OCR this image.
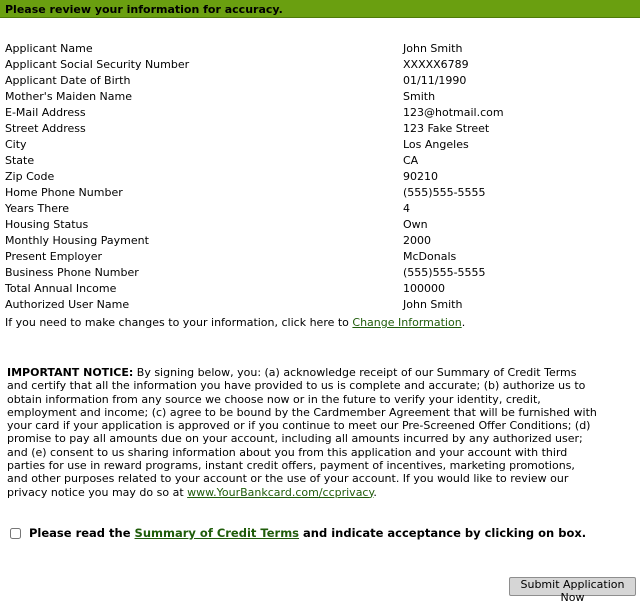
Please review your information for accuracy.
Applicant Name	John Smith
Applicant Social Security Number	XXXXX6789
Applicant Date of Birth	01/11/1990
Mother's Maiden Name	Smith
E-Mail Address	123@hotmail.com
Street Address	123 Fake Street
City	Los Angeles
State	CA
Zip Code	90210
Home Phone Number	(555)555-5555
Years There	4
Housing Status	Own
Monthly Housing Payment	2000
Present Employer	McDonals
Business Phone Number	(555)555-5555
Total Annual Income	100000
Authorized User Name	John Smith
If you need to make changes to your information, click here to Change Information.
IMPORTANT NOTICE: By signing below, you: (a) acknowledge receipt of our Summary of Credit Terms and certify that all the information you have provided to us is complete and accurate; (b) authorize us to obtain information from any source we choose now or in the future to verify your identity, credit, employment and income; (c) agree to be bound by the Cardmember Agreement that will be furnished with your card if your application is approved or if you continue to meet our Pre-Screened Offer Conditions; (d) promise to pay all amounts due on your account, including all amounts incurred by any authorized user; and (e) consent to us sharing information about you from this application and your account with third parties for use in reward programs, instant credit offers, payment of incentives, marketing promotions, and other purposes related to your account or the use of your account. If you would like to review our privacy notice you may do so at www.YourBankcard.com/ccprivacy.
Please read the Summary of Credit Terms and indicate acceptance by clicking on box.
Submit Application Now
